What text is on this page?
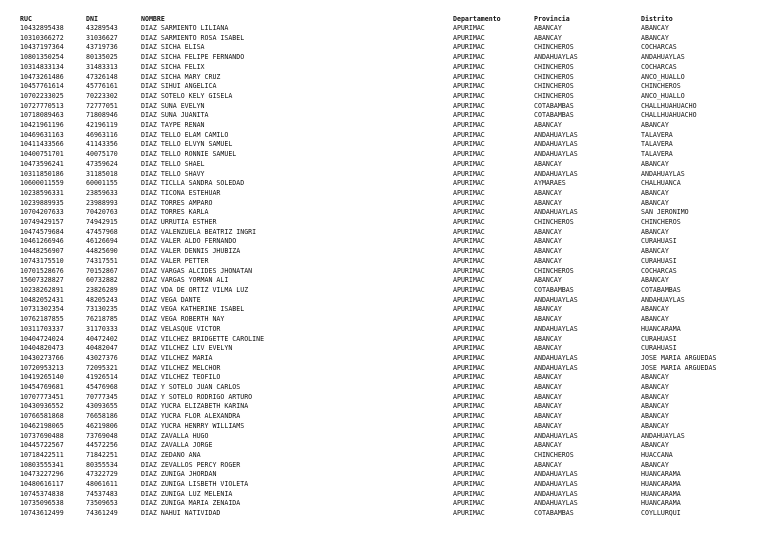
RUC	DNI	NOMBRE	Departamento	Provincia	Distrito
10432895438	43289543	DIAZ SARMIENTO LILIANA	APURIMAC	ABANCAY	ABANCAY
10310366272	31036627	DIAZ SARMIENTO ROSA ISABEL	APURIMAC	ABANCAY	ABANCAY
10437197364	43719736	DIAZ SICHA ELISA	APURIMAC	CHINCHEROS	COCHARCAS
10801350254	80135025	DIAZ SICHA FELIPE FERNANDO	APURIMAC	ANDAHUAYLAS	ANDAHUAYLAS
10314833134	31483313	DIAZ SICHA FELIX	APURIMAC	CHINCHEROS	COCHARCAS
10473261486	47326148	DIAZ SICHA MARY CRUZ	APURIMAC	CHINCHEROS	ANCO_HUALLO
10457761614	45776161	DIAZ SIHUI ANGELICA	APURIMAC	CHINCHEROS	CHINCHEROS
10702233025	70223302	DIAZ SOTELO KELY GISELA	APURIMAC	CHINCHEROS	ANCO_HUALLO
10727770513	72777051	DIAZ SUÑA EVELYN	APURIMAC	COTABAMBAS	CHALLHUAHUACHO
10718089463	71808946	DIAZ SUÑA JUANITA	APURIMAC	COTABAMBAS	CHALLHUAHUACHO
10421961196	42196119	DIAZ TAYPE RENAN	APURIMAC	ABANCAY	ABANCAY
10469631163	46963116	DIAZ TELLO ELAM CAMILO	APURIMAC	ANDAHUAYLAS	TALAVERA
10411433566	41143356	DIAZ TELLO ELVYN SAMUEL	APURIMAC	ANDAHUAYLAS	TALAVERA
10400751701	40075170	DIAZ TELLO RONNIE SAMUEL	APURIMAC	ANDAHUAYLAS	TALAVERA
10473596241	47359624	DIAZ TELLO SHAEL	APURIMAC	ABANCAY	ABANCAY
10311850186	31185018	DIAZ TELLO SHAVY	APURIMAC	ANDAHUAYLAS	ANDAHUAYLAS
10600011559	60001155	DIAZ TICLLA SANDRA SOLEDAD	APURIMAC	AYMARAES	CHALHUANCA
10238596331	23859633	DIAZ TICONA ESTEHUAR	APURIMAC	ABANCAY	ABANCAY
10239889935	23988993	DIAZ TORRES AMPARO	APURIMAC	ABANCAY	ABANCAY
10704207633	70420763	DIAZ TORRES KARLA	APURIMAC	ANDAHUAYLAS	SAN JERONIMO
10749429157	74942915	DIAZ URRUTIA ESTHER	APURIMAC	CHINCHEROS	CHINCHEROS
10474579684	47457968	DIAZ VALENZUELA BEATRIZ INGRI	APURIMAC	ABANCAY	ABANCAY
10461266946	46126694	DIAZ VALER ALDO FERNANDO	APURIMAC	ABANCAY	CURAHUASI
10448256907	44825690	DIAZ VALER DENNIS JHUBIZA	APURIMAC	ABANCAY	ABANCAY
10743175510	74317551	DIAZ VALER PETTER	APURIMAC	ABANCAY	CURAHUASI
10701528676	70152867	DIAZ VARGAS ALCIDES JHONATAN	APURIMAC	CHINCHEROS	COCHARCAS
15607328827	60732882	DIAZ VARGAS YORMAN ALI	APURIMAC	ABANCAY	ABANCAY
10238262891	23826289	DIAZ VDA DE ORTIZ VILMA LUZ	APURIMAC	COTABAMBAS	COTABAMBAS
10482052431	48205243	DIAZ VEGA DANTE	APURIMAC	ANDAHUAYLAS	ANDAHUAYLAS
10731302354	73130235	DIAZ VEGA KATHERINE ISABEL	APURIMAC	ABANCAY	ABANCAY
10762187855	76218785	DIAZ VEGA ROBERTH NAY	APURIMAC	ABANCAY	ABANCAY
10311703337	31170333	DIAZ VELASQUE VICTOR	APURIMAC	ANDAHUAYLAS	HUANCARAMA
10404724024	40472402	DIAZ VILCHEZ BRIDGETTE CAROLINE	APURIMAC	ABANCAY	CURAHUASI
10404820473	40482047	DIAZ VILCHEZ LIV EVELYN	APURIMAC	ABANCAY	CURAHUASI
10430273766	43027376	DIAZ VILCHEZ MARIA	APURIMAC	ANDAHUAYLAS	JOSE MARIA ARGUEDAS
10720953213	72095321	DIAZ VILCHEZ MELCHOR	APURIMAC	ANDAHUAYLAS	JOSE MARIA ARGUEDAS
10419265140	41926514	DIAZ VILCHEZ TEOFILO	APURIMAC	ABANCAY	ABANCAY
10454769681	45476968	DIAZ Y SOTELO JUAN CARLOS	APURIMAC	ABANCAY	ABANCAY
10707773451	70777345	DIAZ Y SOTELO RODRIGO ARTURO	APURIMAC	ABANCAY	ABANCAY
10430936552	43093655	DIAZ YUCRA ELIZABETH KARINA	APURIMAC	ABANCAY	ABANCAY
10766581868	76658186	DIAZ YUCRA FLOR ALEXANDRA	APURIMAC	ABANCAY	ABANCAY
10462198065	46219806	DIAZ YUCRA HENRRY WILLIAMS	APURIMAC	ABANCAY	ABANCAY
10737690488	73769048	DIAZ ZAVALLA HUGO	APURIMAC	ANDAHUAYLAS	ANDAHUAYLAS
10445722567	44572256	DIAZ ZAVALLA JORGE	APURIMAC	ABANCAY	ABANCAY
10718422511	71842251	DIAZ ZEDANO ANA	APURIMAC	CHINCHEROS	HUACCANA
10803555341	80355534	DIAZ ZEVALLOS PERCY ROGER	APURIMAC	ABANCAY	ABANCAY
10473227296	47322729	DIAZ ZUÑIGA JHORDAN	APURIMAC	ANDAHUAYLAS	HUANCARAMA
10480616117	48061611	DIAZ ZUÑIGA LISBETH VIOLETA	APURIMAC	ANDAHUAYLAS	HUANCARAMA
10745374838	74537483	DIAZ ZUÑIGA LUZ MELENIA	APURIMAC	ANDAHUAYLAS	HUANCARAMA
10735096538	73509653	DIAZ ZUÑIGA MARIA ZENAIDA	APURIMAC	ANDAHUAYLAS	HUANCARAMA
10743612499	74361249	DIAZ ÑAHUI NATIVIDAD	APURIMAC	COTABAMBAS	COYLLURQUI
